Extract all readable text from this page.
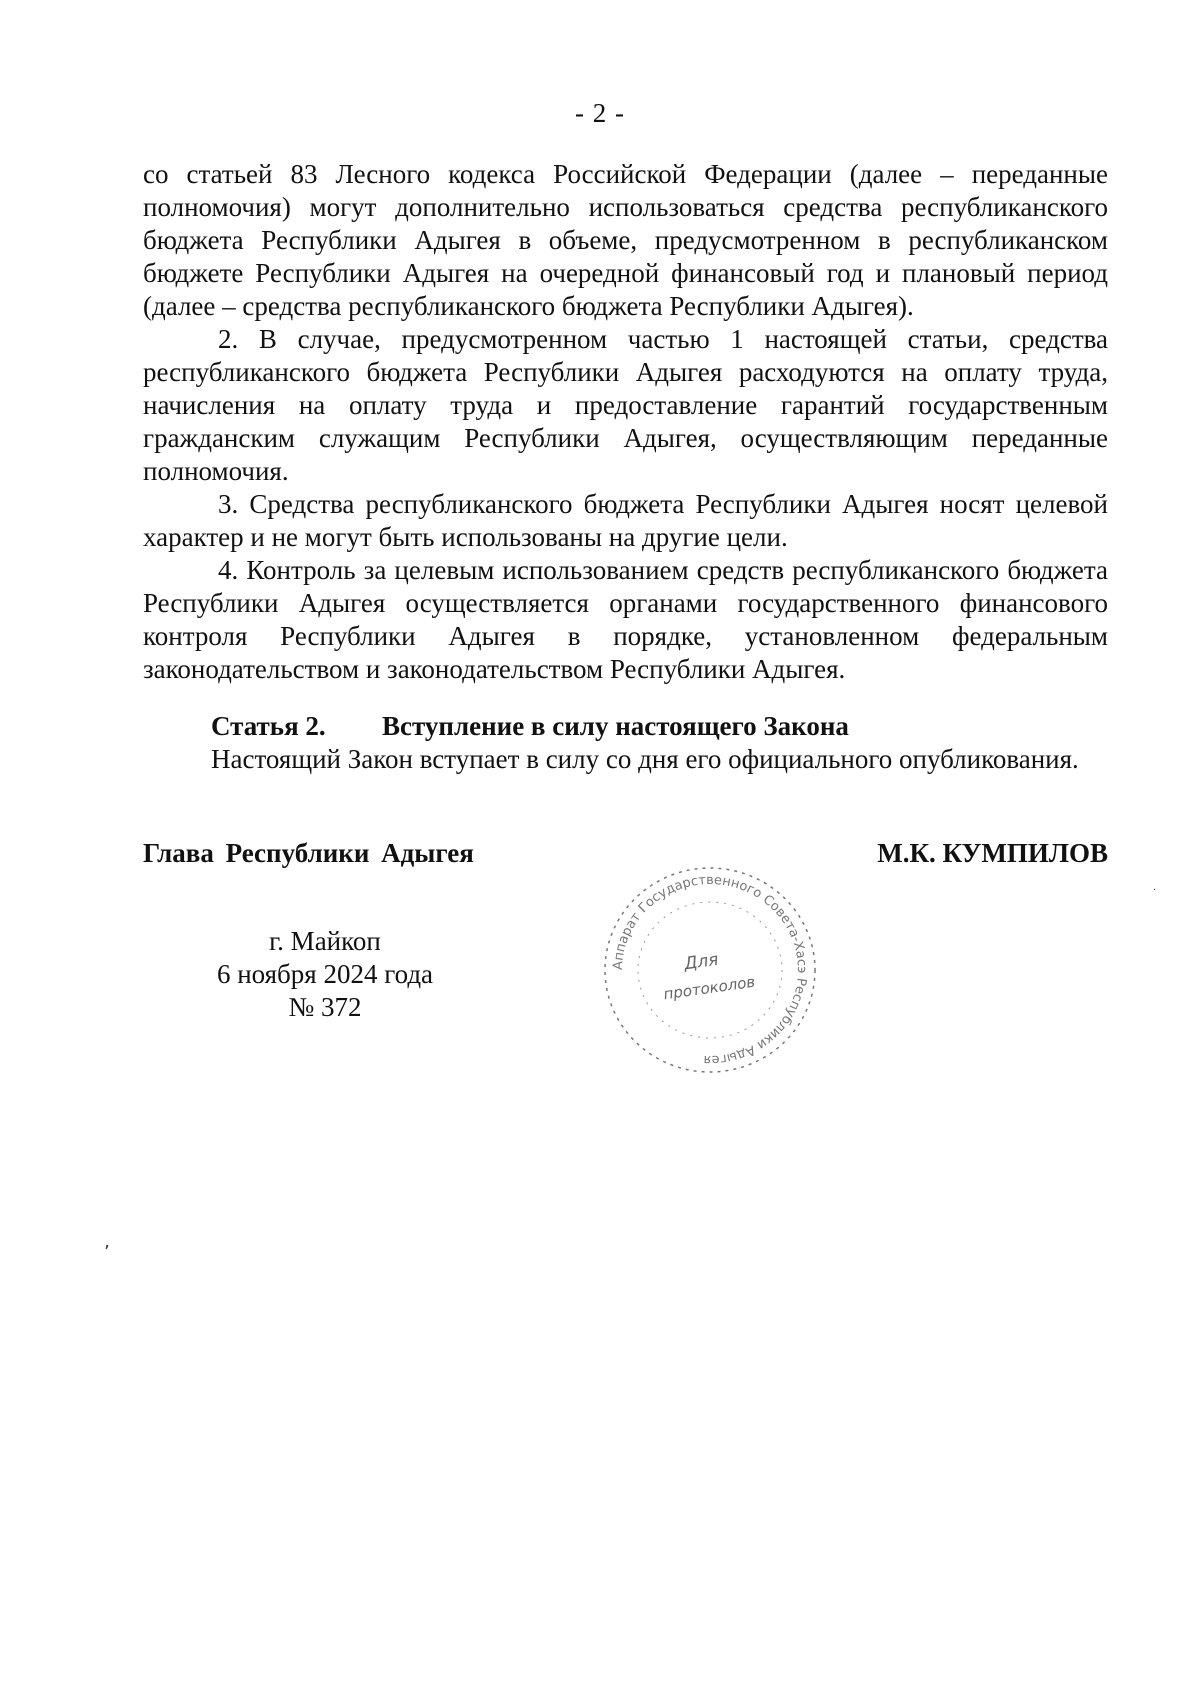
- 2 -

со статьей 83 Лесного кодекса Российской Федерации (далее – переданные полномочия) могут дополнительно использоваться средства республиканского бюджета Республики Адыгея в объеме, предусмотренном в республиканском бюджете Республики Адыгея на очередной финансовый год и плановый период (далее – средства республиканского бюджета Республики Адыгея).

2. В случае, предусмотренном частью 1 настоящей статьи, средства республиканского бюджета Республики Адыгея расходуются на оплату труда, начисления на оплату труда и предоставление гарантий государственным гражданским служащим Республики Адыгея, осуществляющим переданные полномочия.

3. Средства республиканского бюджета Республики Адыгея носят целевой характер и не могут быть использованы на другие цели.

4. Контроль за целевым использованием средств республиканского бюджета Республики Адыгея осуществляется органами государственного финансового контроля Республики Адыгея в порядке, установленном федеральным законодательством и законодательством Республики Адыгея.

Статья 2. Вступление в силу настоящего Закона
Настоящий Закон вступает в силу со дня его официального опубликования.
Глава Республики Адыгея	М.К. КУМПИЛОВ
г. Майкоп
6 ноября 2024 года
№ 372
Аппарат Государственного Совета-Хасэ Республики Адыгея
Для
протоколов
’
·
